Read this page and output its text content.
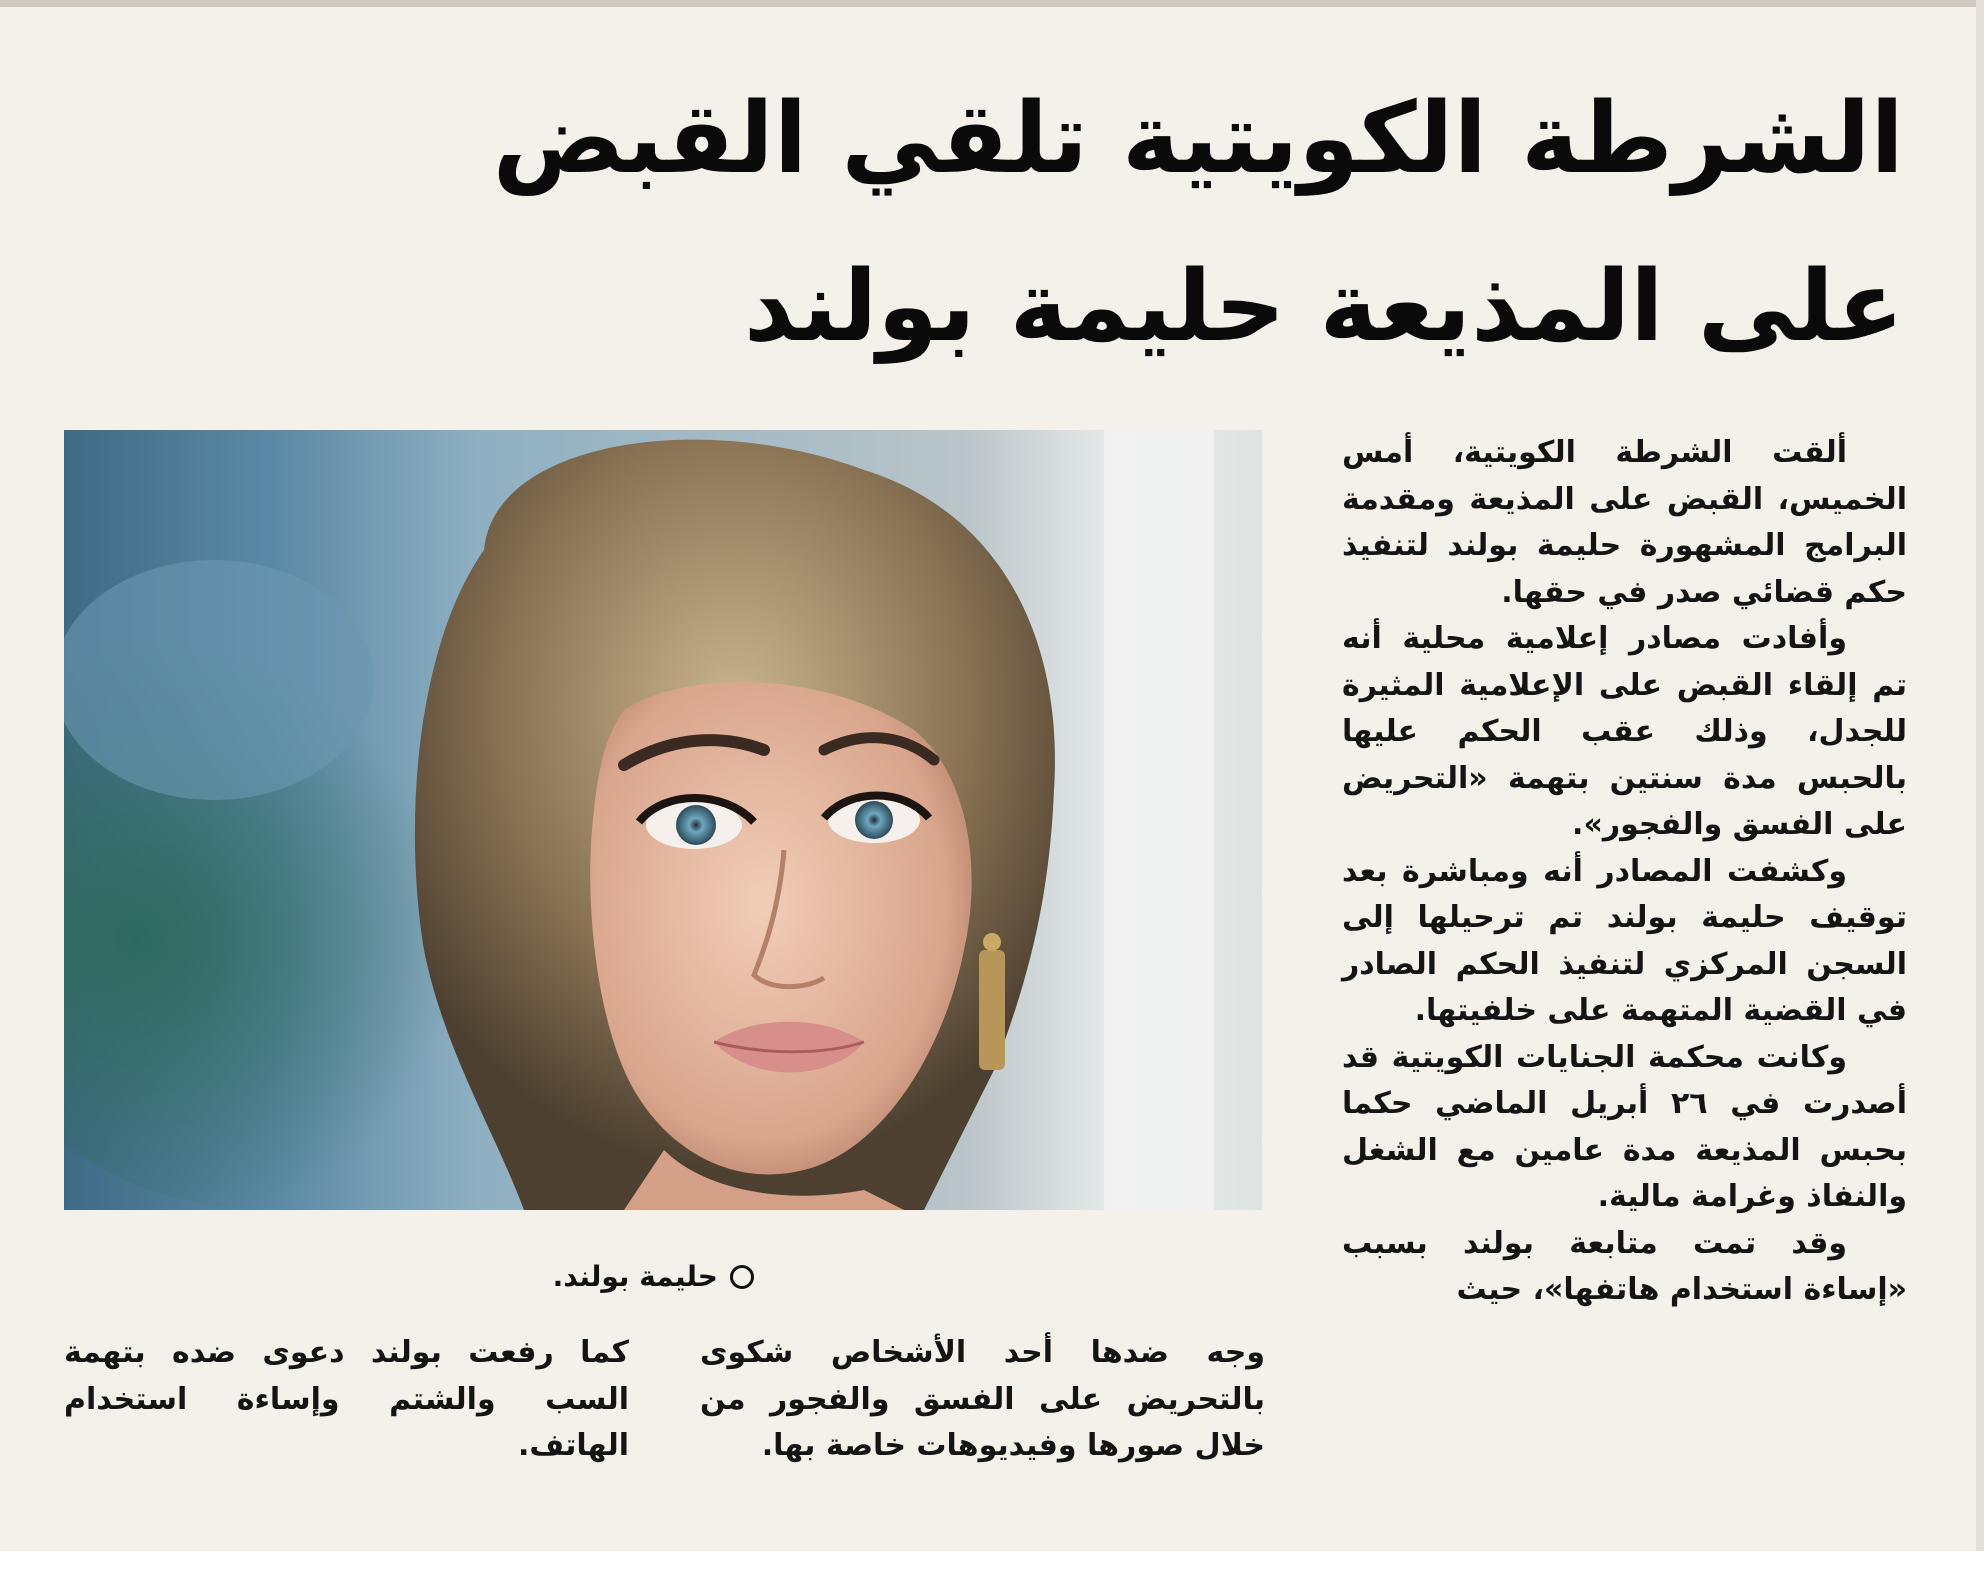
الشرطة الكويتية تلقي القبض
على المذيعة حليمة بولند
حليمة بولند.

ألقت الشرطة الكويتية، أمس الخميس، القبض على المذيعة ومقدمة البرامج المشهورة حليمة بولند لتنفيذ حكم قضائي صدر في حقها.

وأفادت مصادر إعلامية محلية أنه تم إلقاء القبض على الإعلامية المثيرة للجدل، وذلك عقب الحكم عليها بالحبس مدة سنتين بتهمة «التحريض على الفسق والفجور».

وكشفت المصادر أنه ومباشرة بعد توقيف حليمة بولند تم ترحيلها إلى السجن المركزي لتنفيذ الحكم الصادر في القضية المتهمة على خلفيتها.

وكانت محكمة الجنايات الكويتية قد أصدرت في ٢٦ أبريل الماضي حكما بحبس المذيعة مدة عامين مع الشغل والنفاذ وغرامة مالية.

وقد تمت متابعة بولند بسبب «إساءة استخدام هاتفها»، حيث

وجه ضدها أحد الأشخاص شكوى بالتحريض على الفسق والفجور من خلال صورها وفيديوهات خاصة بها.

كما رفعت بولند دعوى ضده بتهمة السب والشتم وإساءة استخدام الهاتف.
